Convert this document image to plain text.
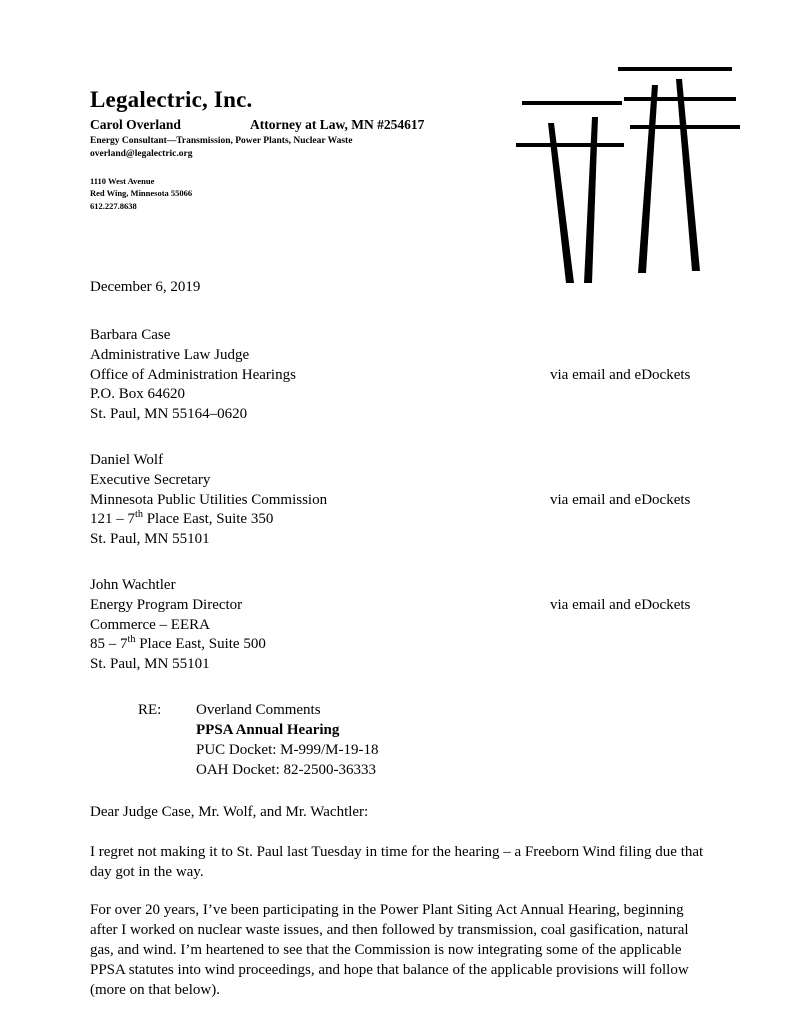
Legalectric, Inc.
Carol Overland	Attorney at Law, MN #254617
Energy Consultant—Transmission, Power Plants, Nuclear Waste
overland@legalectric.org
1110 West Avenue
Red Wing, Minnesota 55066
612.227.8638
December 6, 2019
Barbara Case
Administrative Law Judge
Office of Administration Hearings
P.O. Box 64620
St. Paul, MN 55164–0620
via email and eDockets
Daniel Wolf
Executive Secretary
Minnesota Public Utilities Commission
121 – 7th Place East, Suite 350
St. Paul, MN 55101
via email and eDockets
John Wachtler
Energy Program Director
Commerce – EERA
85 – 7th Place East, Suite 500
St. Paul, MN 55101
via email and eDockets
RE:	Overland Comments
PPSA Annual Hearing
PUC Docket: M-999/M-19-18
OAH Docket: 82-2500-36333
Dear Judge Case, Mr. Wolf, and Mr. Wachtler:

I regret not making it to St. Paul last Tuesday in time for the hearing – a Freeborn Wind filing due that day got in the way.

For over 20 years, I’ve been participating in the Power Plant Siting Act Annual Hearing, beginning after I worked on nuclear waste issues, and then followed by transmission, coal gasification, natural gas, and wind. I’m heartened to see that the Commission is now integrating some of the applicable PPSA statutes into wind proceedings, and hope that balance of the applicable provisions will follow (more on that below).
